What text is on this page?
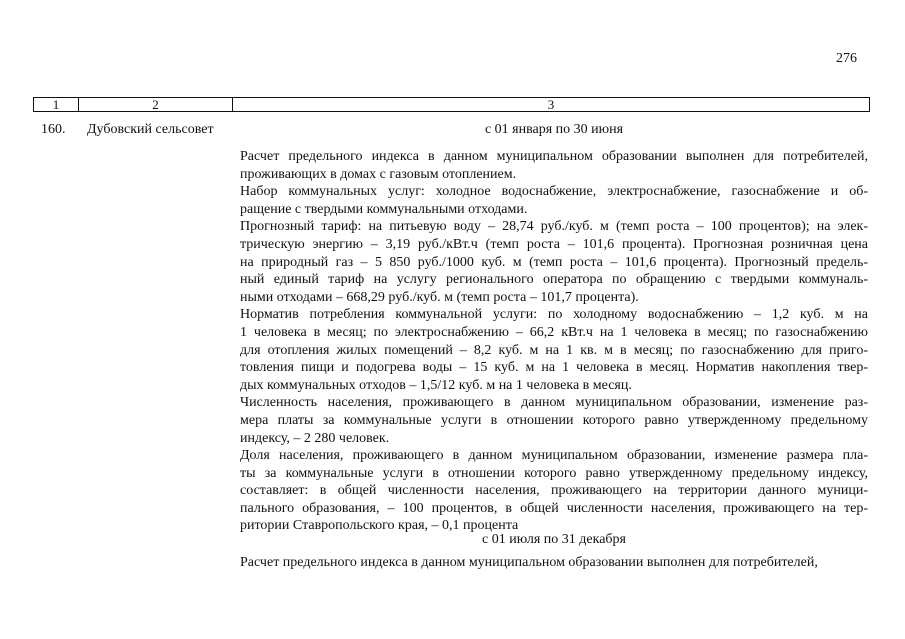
276
1	2	3
160. Дубовский сельсовет	с 01 января по 30 июня

Расчет предельного индекса в данном муниципальном образовании выполнен для потребителей,
проживающих в домах с газовым отоплением.

Набор коммунальных услуг: холодное водоснабжение, электроснабжение, газоснабжение и об-
ращение с твердыми коммунальными отходами.

Прогнозный тариф: на питьевую воду – 28,74 руб./куб. м (темп роста – 100 процентов); на элек-
трическую энергию – 3,19 руб./кВт.ч (темп роста – 101,6 процента). Прогнозная розничная цена
на природный газ – 5 850 руб./1000 куб. м (темп роста – 101,6 процента). Прогнозный предель-
ный единый тариф на услугу регионального оператора по обращению с твердыми коммуналь-
ными отходами – 668,29 руб./куб. м (темп роста – 101,7 процента).

Норматив потребления коммунальной услуги: по холодному водоснабжению – 1,2 куб. м на
1 человека в месяц; по электроснабжению – 66,2 кВт.ч на 1 человека в месяц; по газоснабжению
для отопления жилых помещений – 8,2 куб. м на 1 кв. м в месяц; по газоснабжению для приго-
товления пищи и подогрева воды – 15 куб. м на 1 человека в месяц. Норматив накопления твер-
дых коммунальных отходов – 1,5/12 куб. м на 1 человека в месяц.

Численность населения, проживающего в данном муниципальном образовании, изменение раз-
мера платы за коммунальные услуги в отношении которого равно утвержденному предельному
индексу, – 2 280 человек.

Доля населения, проживающего в данном муниципальном образовании, изменение размера пла-
ты за коммунальные услуги в отношении которого равно утвержденному предельному индексу,
составляет: в общей численности населения, проживающего на территории данного муници-
пального образования, – 100 процентов, в общей численности населения, проживающего на тер-
ритории Ставропольского края, – 0,1 процента

с 01 июля по 31 декабря
Расчет предельного индекса в данном муниципальном образовании выполнен для потребителей,
